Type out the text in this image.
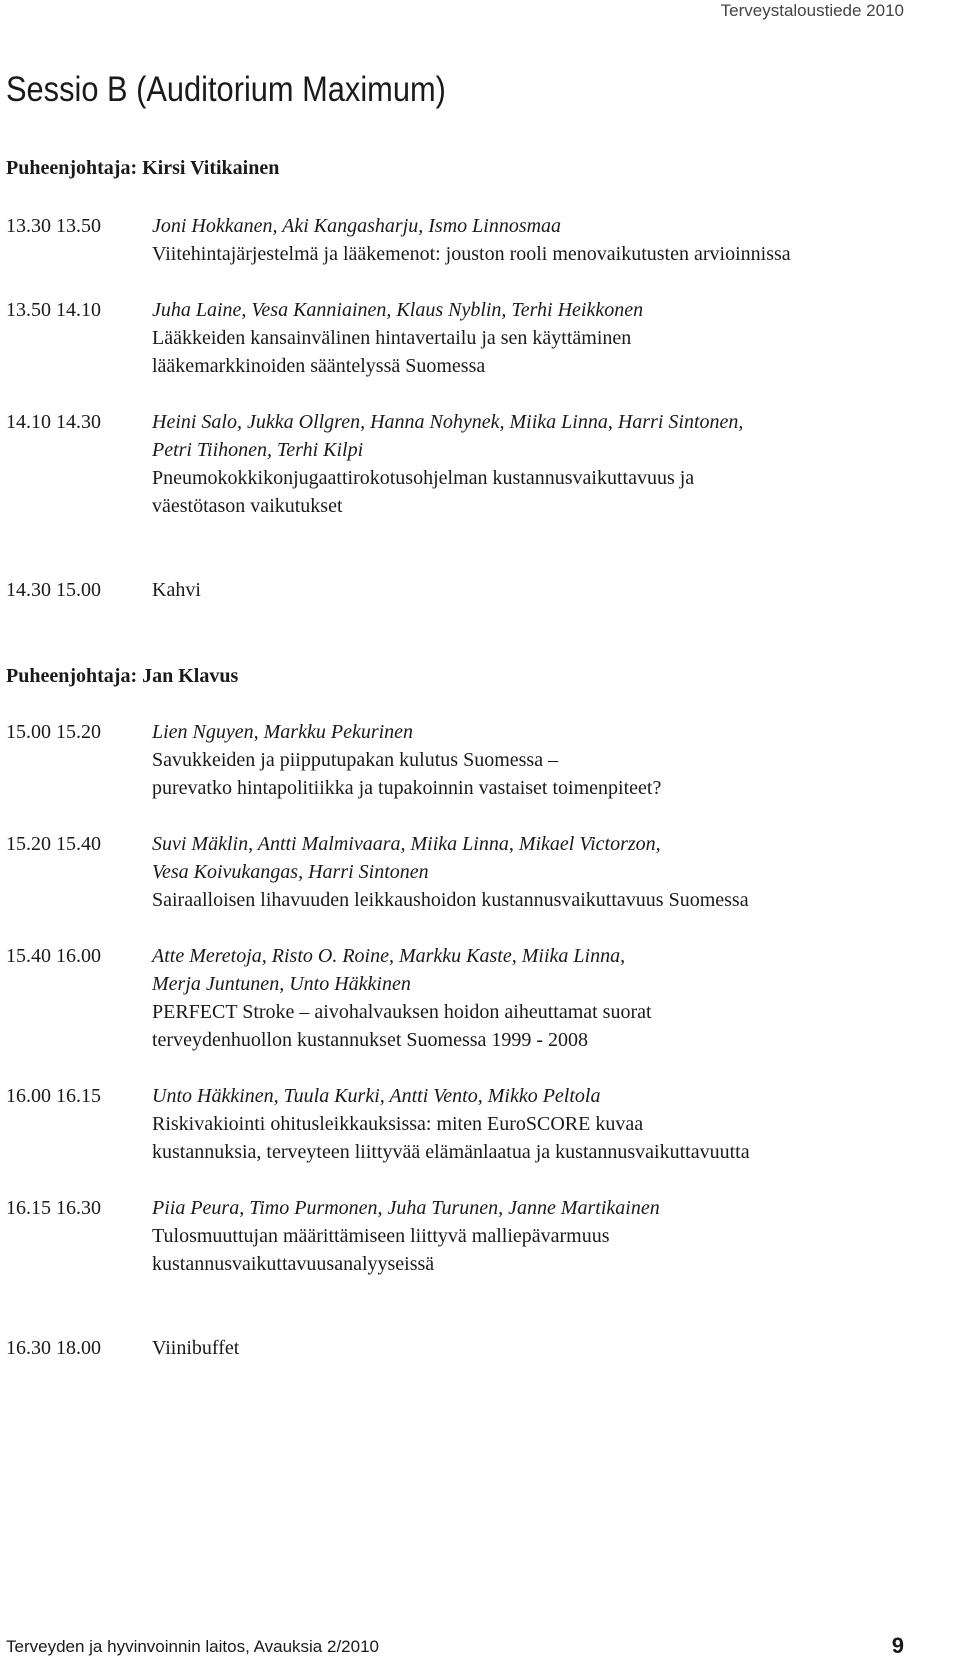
Terveystaloustiede 2010
Sessio B (Auditorium Maximum)
Puheenjohtaja: Kirsi Vitikainen
13.30 13.50	Joni Hokkanen, Aki Kangasharju, Ismo Linnosmaa
Viitehintajärjestelmä ja lääkemenot: jouston rooli menovaikutusten arvioinnissa
13.50 14.10	Juha Laine, Vesa Kanniainen, Klaus Nyblin, Terhi Heikkonen
Lääkkeiden kansainvälinen hintavertailu ja sen käyttäminen
lääkemarkkinoiden sääntelyssä Suomessa
14.10 14.30	Heini Salo, Jukka Ollgren, Hanna Nohynek, Miika Linna, Harri Sintonen,
Petri Tiihonen, Terhi Kilpi
Pneumokokkikonjugaattirokotusohjelman kustannusvaikuttavuus ja
väestötason vaikutukset
14.30 15.00	Kahvi
Puheenjohtaja: Jan Klavus
15.00 15.20	Lien Nguyen, Markku Pekurinen
Savukkeiden ja piipputupakan kulutus Suomessa –
purevatko hintapolitiikka ja tupakoinnin vastaiset toimenpiteet?
15.20 15.40	Suvi Mäklin, Antti Malmivaara, Miika Linna, Mikael Victorzon,
Vesa Koivukangas, Harri Sintonen
Sairaalloisen lihavuuden leikkaushoidon kustannusvaikuttavuus Suomessa
15.40 16.00	Atte Meretoja, Risto O. Roine, Markku Kaste, Miika Linna,
Merja Juntunen, Unto Häkkinen
PERFECT Stroke – aivohalvauksen hoidon aiheuttamat suorat
terveydenhuollon kustannukset Suomessa 1999 - 2008
16.00 16.15	Unto Häkkinen, Tuula Kurki, Antti Vento, Mikko Peltola
Riskivakiointi ohitusleikkauksissa: miten EuroSCORE kuvaa
kustannuksia, terveyteen liittyvää elämänlaatua ja kustannusvaikuttavuutta
16.15 16.30	Piia Peura, Timo Purmonen, Juha Turunen, Janne Martikainen
Tulosmuuttujan määrittämiseen liittyvä malliepävarmuus
kustannusvaikuttavuusanalyyseissä
16.30 18.00	Viinibuffet
Terveyden ja hyvinvoinnin laitos, Avauksia 2/2010	9
